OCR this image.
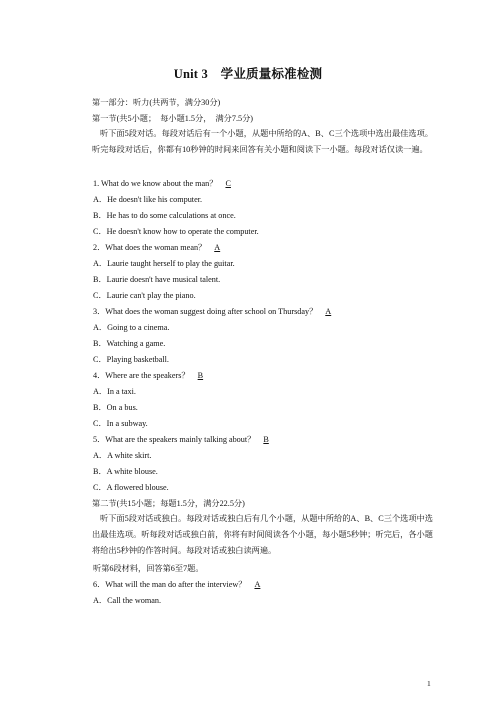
Unit 3　学业质量标准检测
第一部分：听力(共两节，满分30分)
第一节(共5小题；　每小题1.5分，　满分7.5分)
听下面5段对话。每段对话后有一个小题，从题中所给的A、B、C三个选项中选出最佳选项。听完每段对话后，你都有10秒钟的时间来回答有关小题和阅读下一小题。每段对话仅读一遍。
1. What do we know about the man？ C
A．He doesn't like his computer.
B．He has to do some calculations at once.
C．He doesn't know how to operate the computer.
2．What does the woman mean？ A
A．Laurie taught herself to play the guitar.
B．Laurie doesn't have musical talent.
C．Laurie can't play the piano.
3．What does the woman suggest doing after school on Thursday？ A
A．Going to a cinema.
B．Watching a game.
C．Playing basketball.
4．Where are the speakers？ B
A．In a taxi.
B．On a bus.
C．In a subway.
5．What are the speakers mainly talking about？ B
A．A white skirt.
B．A white blouse.
C．A flowered blouse.
第二节(共15小题；每题1.5分，满分22.5分)
听下面5段对话或独白。每段对话或独白后有几个小题，从题中所给的A、B、C三个选项中选出最佳选项。听每段对话或独白前，你将有时间阅读各个小题，每小题5秒钟；听完后，各小题将给出5秒钟的作答时间。每段对话或独白读两遍。
听第6段材料，回答第6至7题。
6．What will the man do after the interview？ A
A．Call the woman.
1
